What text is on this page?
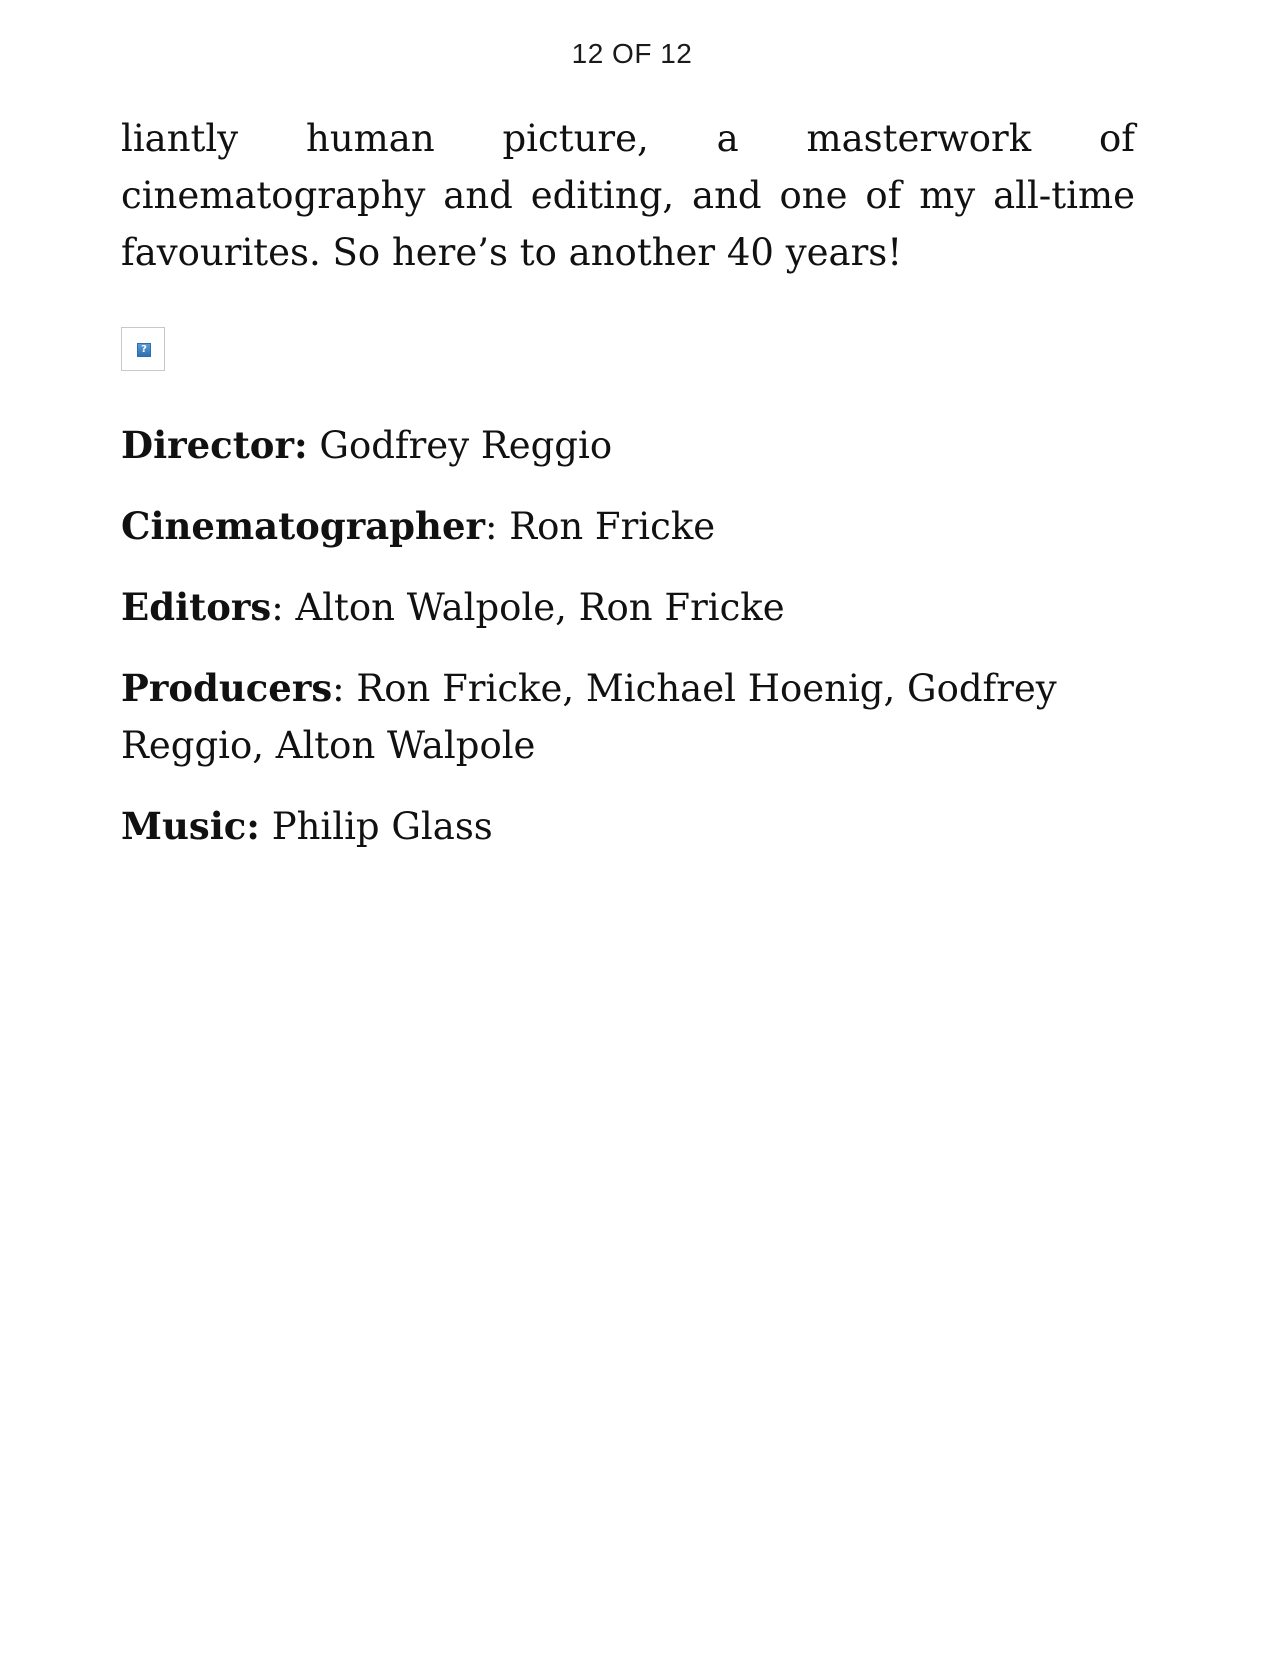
12 OF 12

liantly human picture, a masterwork of cinematography and editing, and one of my all-time favourites. So here’s to another 40 years!

?

Director: Godfrey Reggio

Cinematographer: Ron Fricke

Editors: Alton Walpole, Ron Fricke

Producers: Ron Fricke, Michael Hoenig, Godfrey Reggio, Alton Walpole

Music: Philip Glass
